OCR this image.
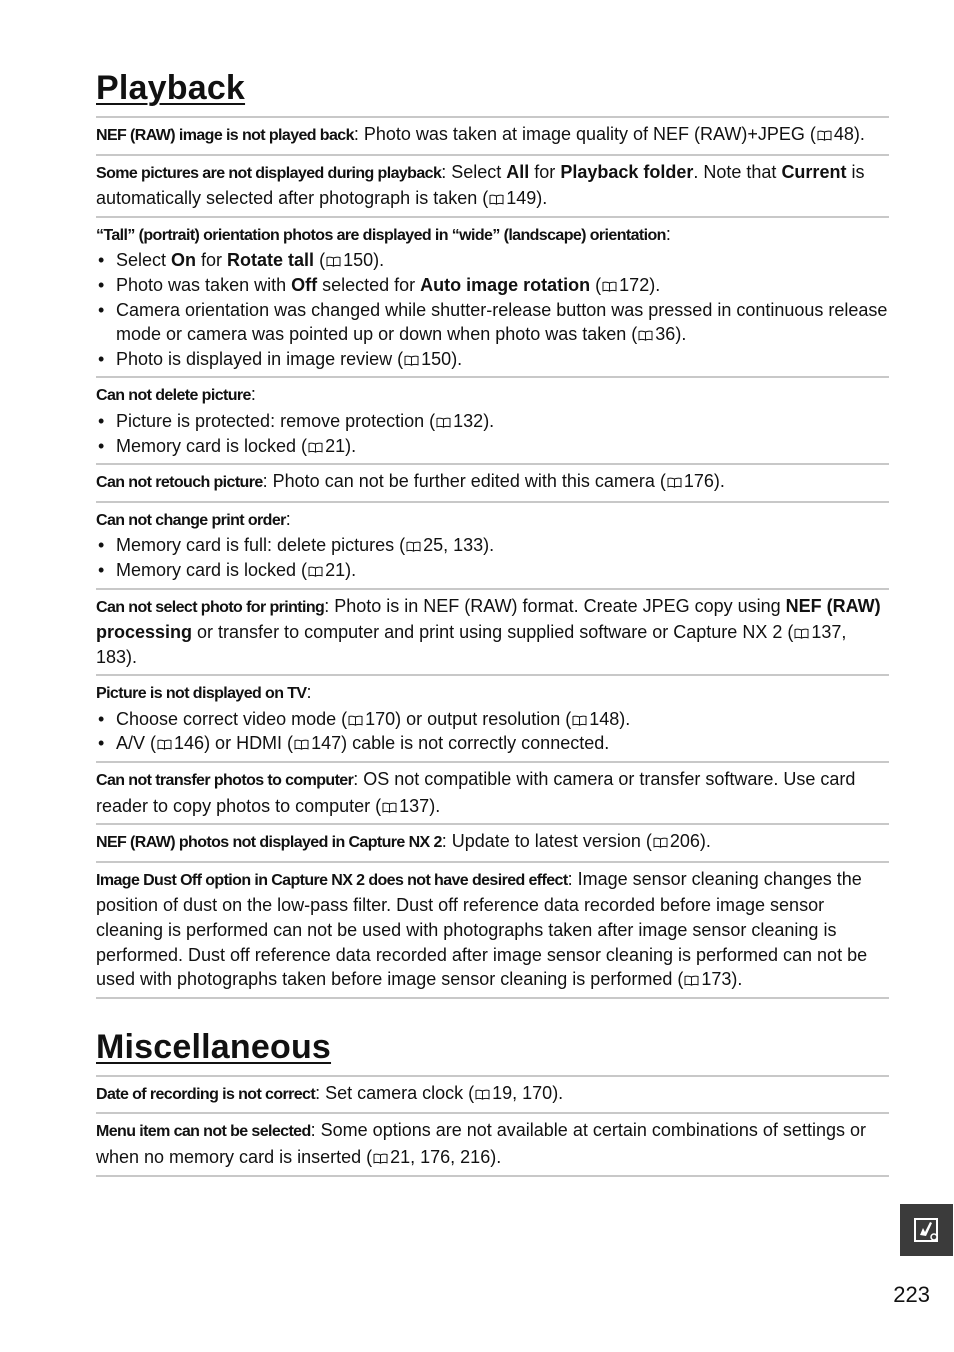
Playback
NEF (RAW) image is not played back: Photo was taken at image quality of NEF (RAW)+JPEG ( 48).
Some pictures are not displayed during playback: Select All for Playback folder. Note that Current is automatically selected after photograph is taken ( 149).
“Tall” (portrait) orientation photos are displayed in “wide” (landscape) orientation:
• Select On for Rotate tall ( 150).
• Photo was taken with Off selected for Auto image rotation ( 172).
• Camera orientation was changed while shutter-release button was pressed in continuous release mode or camera was pointed up or down when photo was taken ( 36).
• Photo is displayed in image review ( 150).
Can not delete picture:
• Picture is protected: remove protection ( 132).
• Memory card is locked ( 21).
Can not retouch picture: Photo can not be further edited with this camera ( 176).
Can not change print order:
• Memory card is full: delete pictures ( 25, 133).
• Memory card is locked ( 21).
Can not select photo for printing: Photo is in NEF (RAW) format. Create JPEG copy using NEF (RAW) processing or transfer to computer and print using supplied software or Capture NX 2 ( 137, 183).
Picture is not displayed on TV:
• Choose correct video mode ( 170) or output resolution ( 148).
• A/V ( 146) or HDMI ( 147) cable is not correctly connected.
Can not transfer photos to computer: OS not compatible with camera or transfer software. Use card reader to copy photos to computer ( 137).
NEF (RAW) photos not displayed in Capture NX 2: Update to latest version ( 206).
Image Dust Off option in Capture NX 2 does not have desired effect: Image sensor cleaning changes the position of dust on the low-pass filter. Dust off reference data recorded before image sensor cleaning is performed can not be used with photographs taken after image sensor cleaning is performed. Dust off reference data recorded after image sensor cleaning is performed can not be used with photographs taken before image sensor cleaning is performed ( 173).
Miscellaneous
Date of recording is not correct: Set camera clock ( 19, 170).
Menu item can not be selected: Some options are not available at certain combinations of settings or when no memory card is inserted ( 21, 176, 216).
223
